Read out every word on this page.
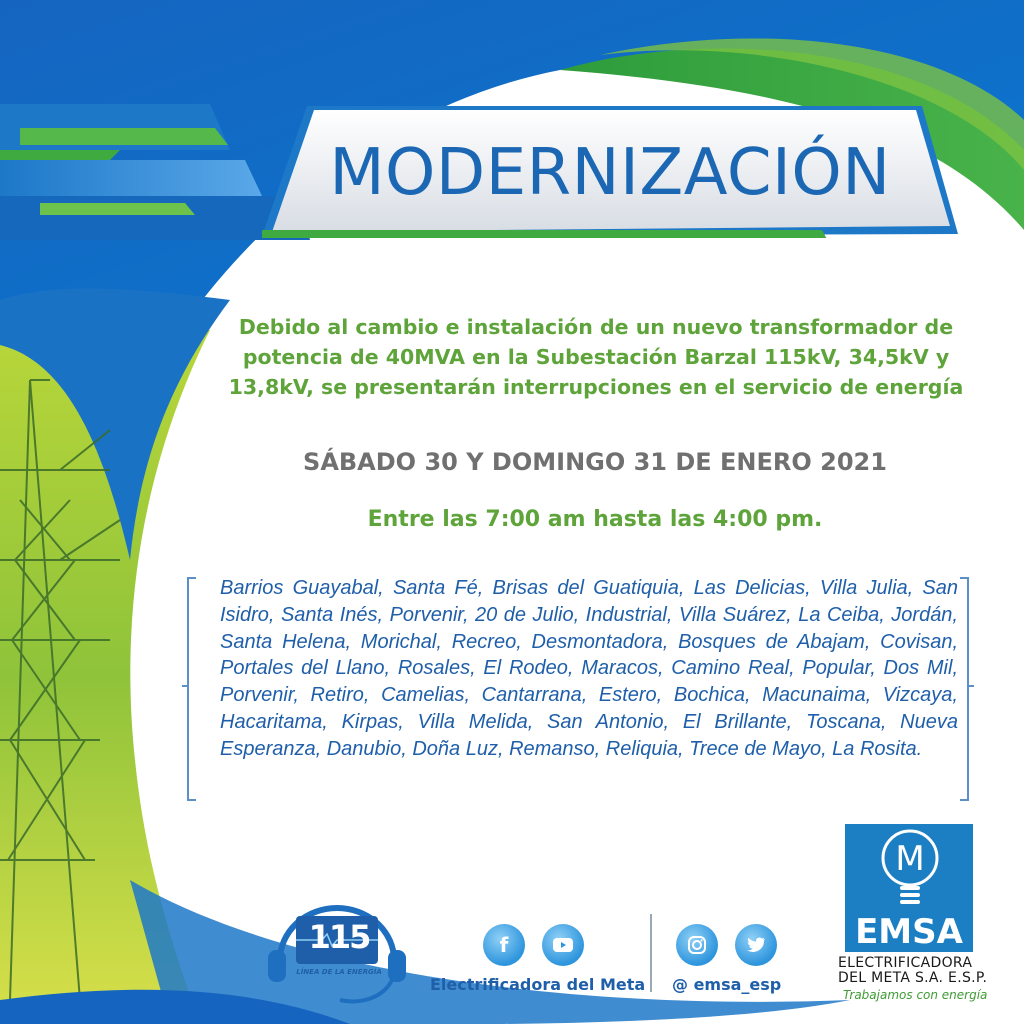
MODERNIZACIÓN
Debido al cambio e instalación de un nuevo transformador de potencia de 40MVA en la Subestación Barzal 115kV, 34,5kV y 13,8kV, se presentarán interrupciones en el servicio de energía
SÁBADO 30 Y DOMINGO 31 DE ENERO 2021
Entre las 7:00 am hasta las 4:00 pm.
Barrios Guayabal, Santa Fé, Brisas del Guatiquia, Las Delicias, Villa Julia, San Isidro, Santa Inés, Porvenir, 20 de Julio, Industrial, Villa Suárez, La Ceiba, Jordán, Santa Helena, Morichal, Recreo, Desmontadora, Bosques de Abajam, Covisan, Portales del Llano, Rosales, El Rodeo, Maracos, Camino Real, Popular, Dos Mil, Porvenir, Retiro, Camelias, Cantarrana, Estero, Bochica, Macunaima, Vizcaya, Hacaritama, Kirpas, Villa Melida, San Antonio, El Brillante, Toscana, Nueva Esperanza, Danubio, Doña Luz, Remanso, Reliquia, Trece de Mayo, La Rosita.
115
LÍNEA DE LA ENERGÍA
f
Electrificadora del Meta @ emsa_esp
M
EMSA
ELECTRIFICADORA
DEL META S.A. E.S.P.
Trabajamos con energía
